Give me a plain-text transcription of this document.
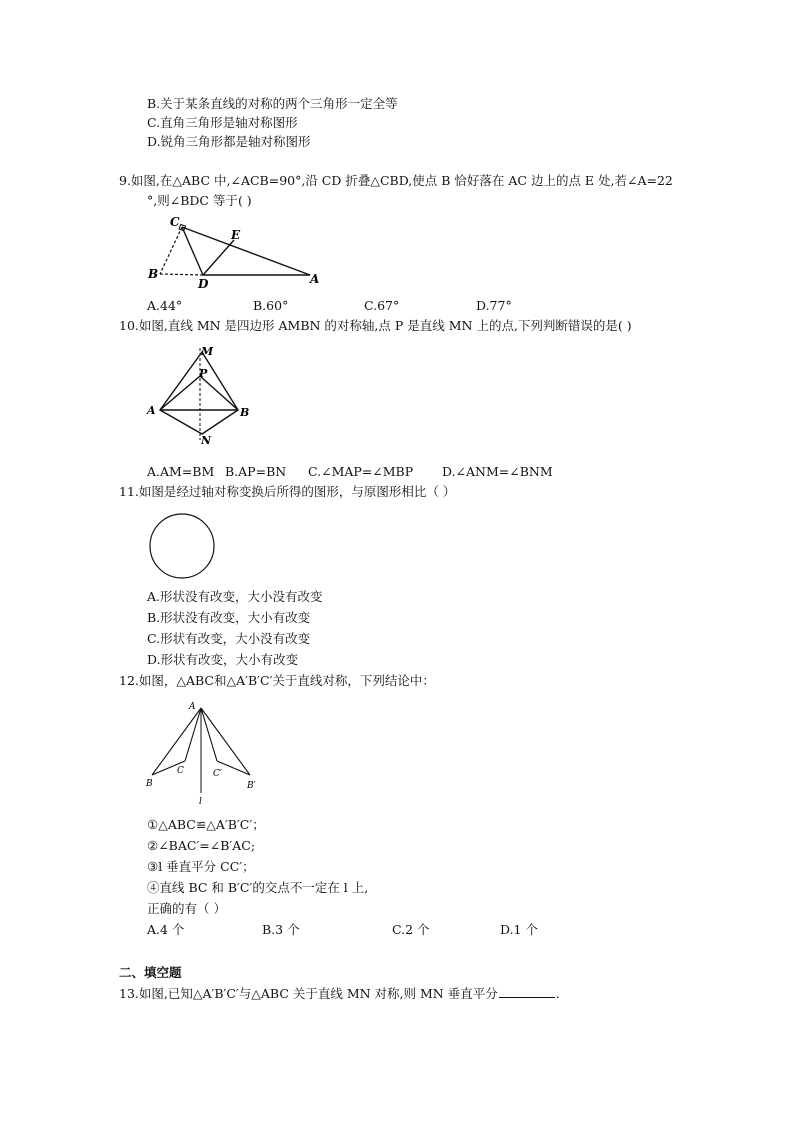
B.关于某条直线的对称的两个三角形一定全等
C.直角三角形是轴对称图形
D.锐角三角形都是轴对称图形
9.如图,在△ABC 中,∠ACB=90°,沿 CD 折叠△CBD,使点 B 恰好落在 AC 边上的点 E 处,若∠A=22
°,则∠BDC 等于( )
C
E
B
D	A
A.44°	B.60°	C.67°	D.77°
10.如图,直线 MN 是四边形 AMBN 的对称轴,点 P 是直线 MN 上的点,下列判断错误的是( )
M
P
A	B
N
A.AM=BM B.AP=BN C.∠MAP=∠MBP D.∠ANM=∠BNM
11.如图是经过轴对称变换后所得的图形，与原图形相比（ ）
A.形状没有改变，大小没有改变
B.形状没有改变，大小有改变
C.形状有改变，大小没有改变
D.形状有改变，大小有改变
12.如图，△ABC和△A′B′C′关于直线对称，下列结论中：
A
B
C	C′
B′
l
①△ABC≌△A′B′C′；
②∠BAC′=∠B′AC;
③l 垂直平分 CC′；
④直线 BC 和 B′C′的交点不一定在 l 上,
正确的有（ ）
A.4 个	B.3 个	C.2 个	D.1 个
二、填空题
13.如图,已知△A′B′C′与△ABC 关于直线 MN 对称,则 MN 垂直平分	.
